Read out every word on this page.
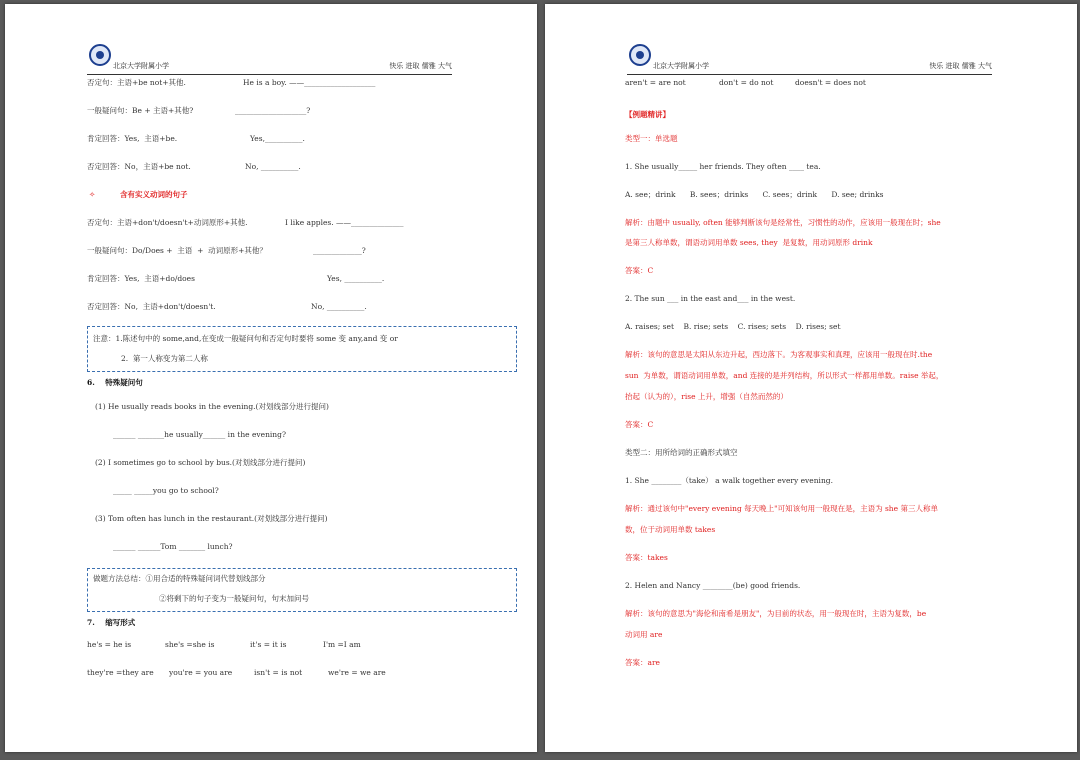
北京大学附属小学	快乐 进取 儒雅 大气
否定句：主语+be not+其他.	He is a boy. ——___________________
一般疑问句：Be + 主语+其他?	___________________?
肯定回答：Yes,  主语+be.	Yes,__________.
否定回答：No，主语+be not.	No, __________.
✧	含有实义动词的句子
否定句：主语+don't/doesn't+动词原形+其他.	I like apples. ——______________
一般疑问句：Do/Does +  主语  +  动词原形+其他？	_____________?
肯定回答：Yes,  主语+do/does	Yes, __________.
否定回答：No,  主语+don't/doesn't.	No, __________.
注意：1.陈述句中的 some,and,在变成一般疑问句和否定句时要将 some 变 any,and 变 or
2.  第一人称变为第二人称
6.    特殊疑问句
(1) He usually reads books in the evening.(对划线部分进行提问)
______ _______he usually______ in the evening?
(2) I sometimes go to school by bus.(对划线部分进行提问)
_____ _____you go to school?
(3) Tom often has lunch in the restaurant.(对划线部分进行提问)
______ ______Tom _______ lunch?
做题方法总结：①用合适的特殊疑问词代替划线部分
②将剩下的句子变为一般疑问句，句末加问号
7.    缩写形式
he's = he is	she's =she is	it's = it is	I'm =I am
they're =they are you're = you are	isn't = is not	we're = we are
北京大学附属小学	快乐 进取 儒雅 大气
aren't = are not	don't = do not	doesn't = does not
【例题精讲】
类型一：单选题
1. She usually_____ her friends. They often ____ tea.
A. see；drink      B. sees；drinks      C. sees；drink      D. see; drinks
解析：由题中 usually, often 能够判断该句是经常性，习惯性的动作，应该用一般现在时；she
是第三人称单数，谓语动词用单数 sees, they  是复数，用动词原形 drink
答案：C
2. The sun ___ in the east and___ in the west.
A. raises; set    B. rise; sets    C. rises; sets    D. rises; set
解析：该句的意思是太阳从东边升起，西边落下。为客观事实和真理，应该用一般现在时.the
sun  为单数，谓语动词用单数，and 连接的是并列结构，所以形式一样都用单数。raise 举起，
抬起（认为的），rise 上升，增强（自然而然的）
答案：C
类型二：用所给词的正确形式填空
1. She ________（take） a walk together every evening.
解析：通过该句中"every evening 每天晚上"可知该句用一般现在是，主语为 she 第三人称单
数，位于动词用单数 takes
答案：takes
2. Helen and Nancy ________(be) good friends.
解析：该句的意思为"海伦和南希是朋友"，为目前的状态，用一般现在时，主语为复数，be
动词用 are
答案：are
